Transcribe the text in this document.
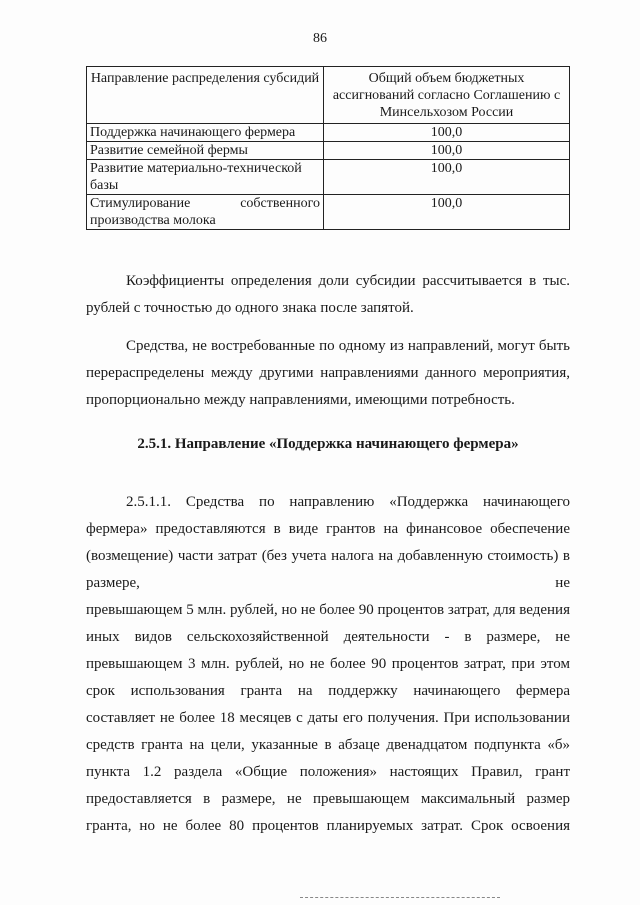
86
Направление распределения субсидий	Общий объем бюджетных ассигнований согласно Соглашению с Минсельхозом России
Поддержка начинающего фермера	100,0
Развитие семейной фермы	100,0
Развитие материально-технической
базы	100,0

Стимулирование собственного
производства молока	100,0
Коэффициенты определения доли субсидии рассчитывается в тыс. рублей с точностью до одного знака после запятой.
Средства, не востребованные по одному из направлений, могут быть перераспределены между другими направлениями данного мероприятия, пропорционально между направлениями, имеющими потребность.
2.5.1. Направление «Поддержка начинающего фермера»
2.5.1.1. Средства по направлению «Поддержка начинающего
фермера» предоставляются в виде грантов на финансовое обеспечение
(возмещение) части затрат (без учета налога на добавленную стоимость) в
размере,                                                                          не
превышающем 5 млн. рублей, но не более 90 процентов затрат, для ведения
иных видов сельскохозяйственной деятельности - в размере, не
превышающем 3 млн. рублей, но не более 90 процентов затрат, при этом
срок использования гранта на поддержку начинающего фермера
составляет не более 18 месяцев с даты его получения. При использовании
средств гранта на цели, указанные в абзаце двенадцатом подпункта «б»
пункта 1.2 раздела «Общие положения» настоящих Правил, грант
предоставляется в размере, не превышающем максимальный размер
гранта, но не более 80 процентов планируемых затрат. Срок освоения
